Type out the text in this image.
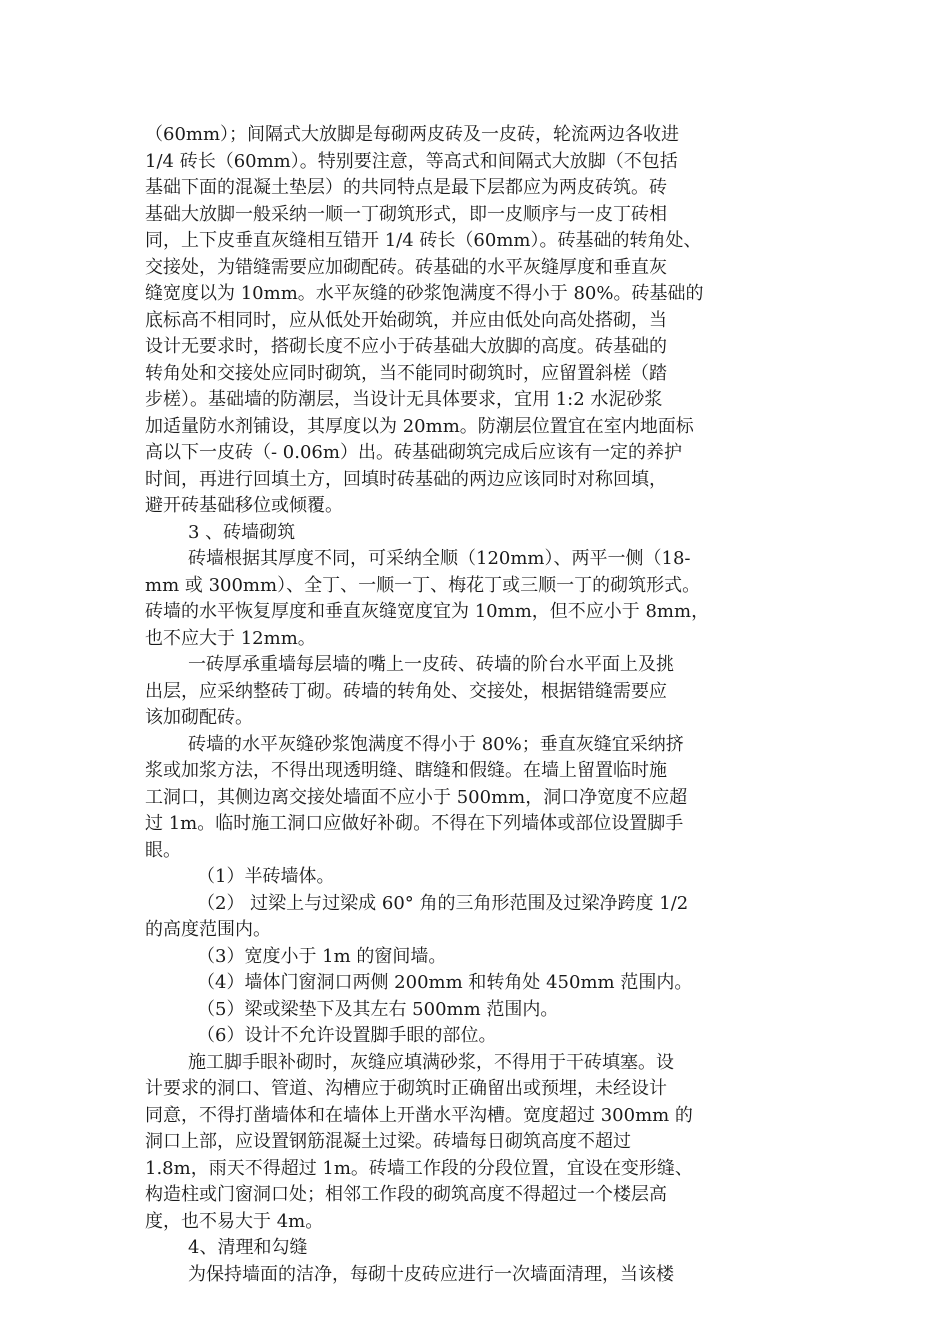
（60mm）；间隔式大放脚是每砌两皮砖及一皮砖，轮流两边各收进
1/4 砖长（60mm）。特别要注意，等高式和间隔式大放脚（不包括
基础下面的混凝土垫层）的共同特点是最下层都应为两皮砖筑。砖
基础大放脚一般采纳一顺一丁砌筑形式，即一皮顺序与一皮丁砖相
同，上下皮垂直灰缝相互错开 1/4 砖长（60mm）。砖基础的转角处、
交接处，为错缝需要应加砌配砖。砖基础的水平灰缝厚度和垂直灰
缝宽度以为 10mm。水平灰缝的砂浆饱满度不得小于 80%。砖基础的
底标高不相同时，应从低处开始砌筑，并应由低处向高处搭砌，当
设计无要求时，搭砌长度不应小于砖基础大放脚的高度。砖基础的
转角处和交接处应同时砌筑，当不能同时砌筑时，应留置斜槎（踏
步槎）。基础墙的防潮层，当设计无具体要求，宜用 1:2 水泥砂浆
加适量防水剂铺设，其厚度以为 20mm。防潮层位置宜在室内地面标
高以下一皮砖（- 0.06m）出。砖基础砌筑完成后应该有一定的养护
时间，再进行回填土方，回填时砖基础的两边应该同时对称回填，
避开砖基础移位或倾覆。
3 、砖墙砌筑
砖墙根据其厚度不同，可采纳全顺（120mm）、两平一侧（18-
mm 或 300mm）、全丁、一顺一丁、梅花丁或三顺一丁的砌筑形式。
砖墙的水平恢复厚度和垂直灰缝宽度宜为 10mm，但不应小于 8mm，
也不应大于 12mm。
一砖厚承重墙每层墙的嘴上一皮砖、砖墙的阶台水平面上及挑
出层，应采纳整砖丁砌。砖墙的转角处、交接处，根据错缝需要应
该加砌配砖。
砖墙的水平灰缝砂浆饱满度不得小于 80%；垂直灰缝宜采纳挤
浆或加浆方法，不得出现透明缝、瞎缝和假缝。在墙上留置临时施
工洞口，其侧边离交接处墙面不应小于 500mm，洞口净宽度不应超
过 1m。临时施工洞口应做好补砌。不得在下列墙体或部位设置脚手
眼。
（1）半砖墙体。
（2） 过梁上与过梁成 60° 角的三角形范围及过梁净跨度 1/2
的高度范围内。
（3）宽度小于 1m 的窗间墙。
（4）墙体门窗洞口两侧 200mm 和转角处 450mm 范围内。
（5）梁或梁垫下及其左右 500mm 范围内。
（6）设计不允许设置脚手眼的部位。
施工脚手眼补砌时，灰缝应填满砂浆，不得用于干砖填塞。设
计要求的洞口、管道、沟槽应于砌筑时正确留出或预埋，未经设计
同意，不得打凿墙体和在墙体上开凿水平沟槽。宽度超过 300mm 的
洞口上部，应设置钢筋混凝土过梁。砖墙每日砌筑高度不超过
1.8m，雨天不得超过 1m。砖墙工作段的分段位置，宜设在变形缝、
构造柱或门窗洞口处；相邻工作段的砌筑高度不得超过一个楼层高
度，也不易大于 4m。
4、清理和勾缝
为保持墙面的洁净，每砌十皮砖应进行一次墙面清理，当该楼
